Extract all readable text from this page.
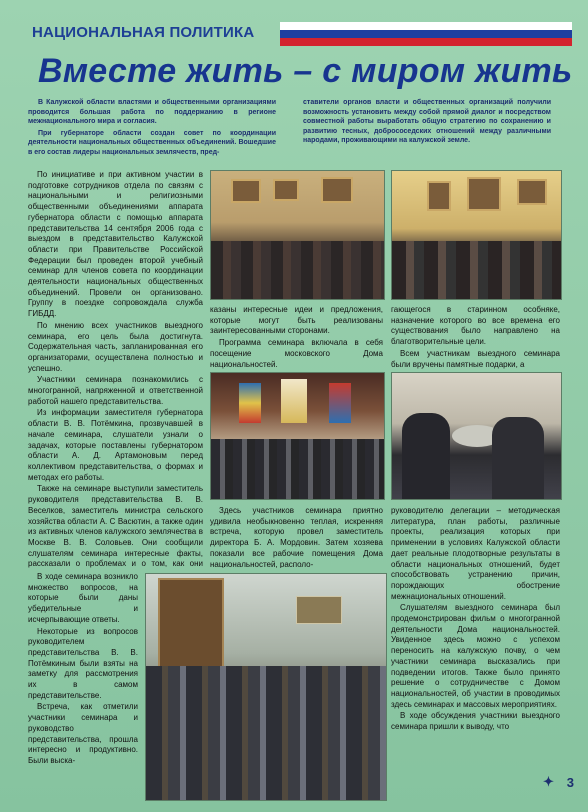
НАЦИОНАЛЬНАЯ ПОЛИТИКА
Вместе жить – с миром жить

В Калужской области властями и общественными организациями проводится большая работа по поддержанию в регионе межнационального мира и согласия.

При губернаторе области создан совет по координации деятельности национальных общественных объединений. Вошедшие в его состав лидеры национальных землячеств, пред-

ставители органов власти и общественных организаций получили возможность установить между собой прямой диалог и посредством совместной работы выработать общую стратегию по сохранению и развитию тесных, добрососедских отношений между различными народами, проживающими на калужской земле.

По инициативе и при активном участии в подготовке сотрудников отдела по связям с национальными и религиозными общественными объединениями аппарата губернатора области с помощью аппарата представительства 14 сентября 2006 года с выездом в представительство Калужской области при Правительстве Российской Федерации был проведен второй учебный семинар для членов совета по координации деятельности национальных общественных объединений. Провели он организовано. Группу в поездке сопровождала служба ГИБДД.

По мнению всех участников выездного семинара, его цель была достигнута. Содержательная часть, запланированная его организаторами, осуществлена полностью и успешно.

Участники семинара познакомились с многогранной, напряженной и ответственной работой нашего представительства.

Из информации заместителя губернатора области В. В. Потёмкина, прозвучавшей в начале семинара, слушатели узнали о задачах, которые поставлены губернатором области А. Д. Артамоновым перед коллективом представительства, о формах и методах его работы.

Также на семинаре выступили заместитель руководителя представительства В. В. Веселков, заместитель министра сельского хозяйства области А. С Васютин, а также один из активных членов калужского землячества в Москве В. В. Соловьев. Они сообщили слушателям семинара интересные факты, рассказали о проблемах и о том, как они

В ходе семинара возникло множество вопросов, на которые были даны убедительные и исчерпывающие ответы.

Некоторые из вопросов руководителем представительства В. В. Потёмкиным были взяты на заметку для рассмотрения их в самом представительстве.

Встреча, как отметили участники семинара и руководство представительства, прошла интересно и продуктивно. Были выска-

казаны интересные идеи и предложения, которые могут быть реализованы заинтересованными сторонами.

Программа семинара включала в себя посещение московского Дома национальностей.

гающегося в старинном особняке, назначение которого во все времена его существования было направлено на благотворительные цели.

Всем участникам выездного семинара были вручены памятные подарки, а

Здесь участников семинара приятно удивила необыкновенно теплая, искренняя встреча, которую провел заместитель директора Б. А. Мордовин. Затем хозяева показали все рабочие помещения Дома национальностей, располо-

руководителю делегации – методическая литература, план работы, различные проекты, реализация которых при применении в условиях Калужской области дает реальные плодотворные результаты в области национальных отношений, будет способствовать устранению причин, порождающих обострение межнациональных отношений.

Слушателям выездного семинара был продемонстрирован фильм о многогранной деятельности Дома национальностей. Увиденное здесь можно с успехом переносить на калужскую почву, о чем участники семинара высказались при подведении итогов. Также было принято решение о сотрудничестве с Домом национальностей, об участии в проводимых здесь семинарах и массовых мероприятиях.

В ходе обсуждения участники выездного семинара пришли к выводу, что

✦ 3
